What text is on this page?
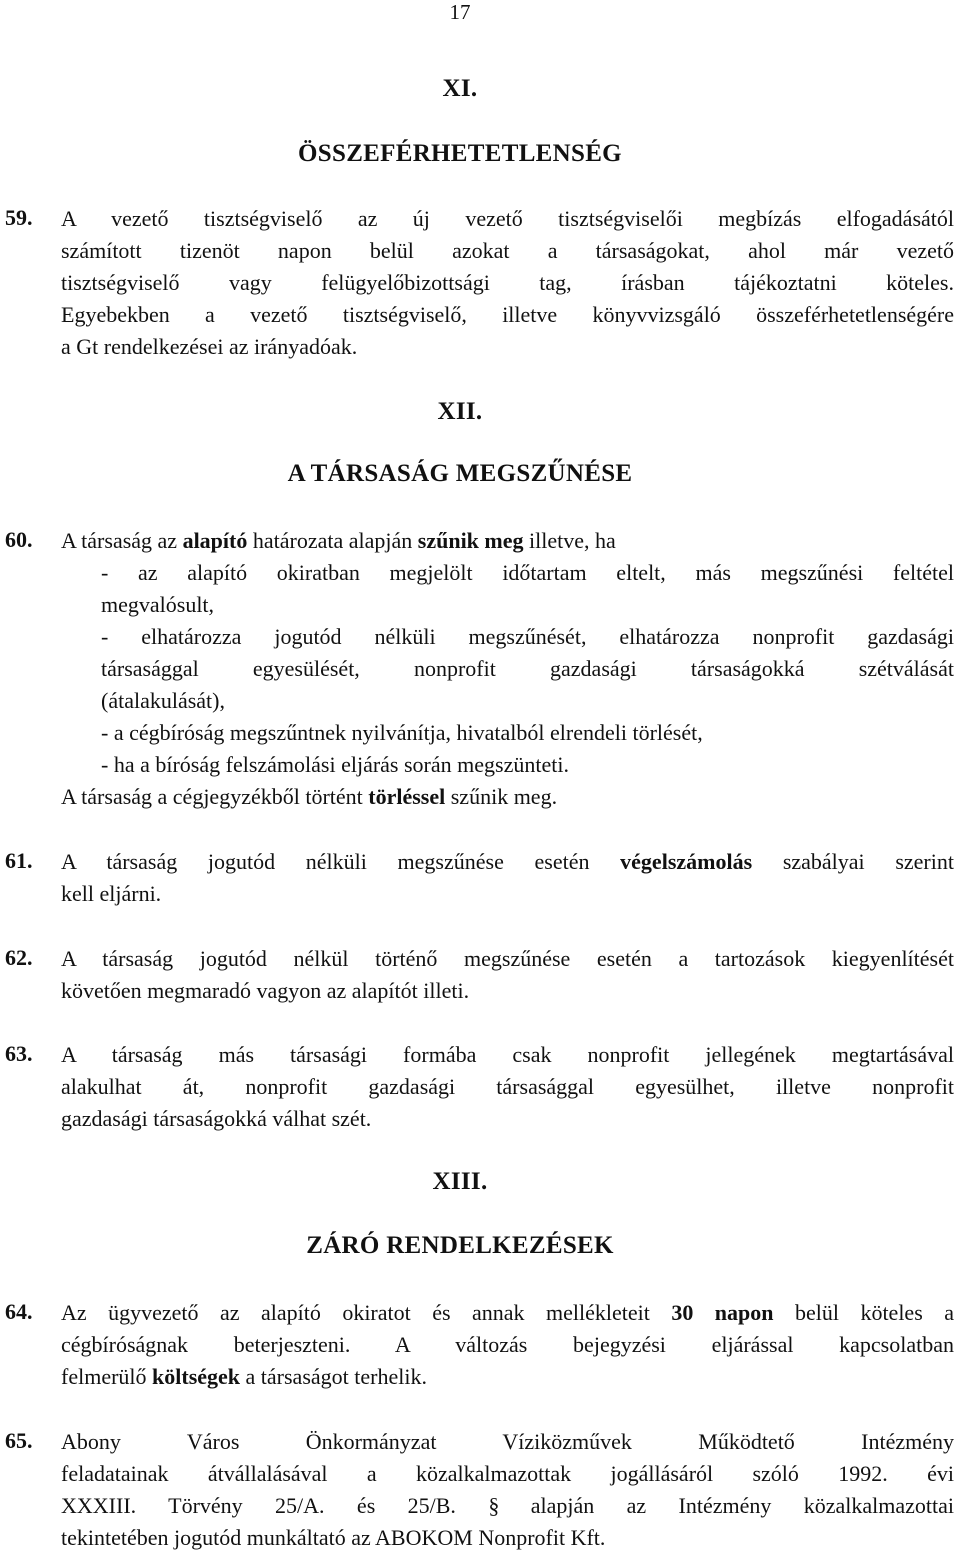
17
XI.
ÖSSZEFÉRHETETLENSÉG
59. A vezető tisztségviselő az új vezető tisztségviselői megbízás elfogadásától
számított tizenöt napon belül azokat a társaságokat, ahol már vezető
tisztségviselő vagy felügyelőbizottsági tag, írásban tájékoztatni köteles.
Egyebekben a vezető tisztségviselő, illetve könyvvizsgáló összeférhetetlenségére
a Gt rendelkezései az irányadóak.
XII.
A TÁRSASÁG MEGSZŰNÉSE
60. A társaság az alapító határozata alapján szűnik meg illetve, ha
- az alapító okiratban megjelölt időtartam eltelt, más megszűnési feltétel
megvalósult,
- elhatározza jogutód nélküli megszűnését, elhatározza nonprofit gazdasági
társasággal egyesülését, nonprofit gazdasági társaságokká szétválását
(átalakulását),
- a cégbíróság megszűntnek nyilvánítja, hivatalból elrendeli törlését,
- ha a bíróság felszámolási eljárás során megszünteti.
A társaság a cégjegyzékből történt törléssel szűnik meg.
61. A társaság jogutód nélküli megszűnése esetén végelszámolás szabályai szerint
kell eljárni.
62. A társaság jogutód nélkül történő megszűnése esetén a tartozások kiegyenlítését
követően megmaradó vagyon az alapítót illeti.
63. A társaság más társasági formába csak nonprofit jellegének megtartásával
alakulhat át, nonprofit gazdasági társasággal egyesülhet, illetve nonprofit
gazdasági társaságokká válhat szét.
XIII.
ZÁRÓ RENDELKEZÉSEK
64. Az ügyvezető az alapító okiratot és annak mellékleteit 30 napon belül köteles a
cégbíróságnak beterjeszteni. A változás bejegyzési eljárással kapcsolatban
felmerülő költségek a társaságot terhelik.
65. Abony Város Önkormányzat Víziközművek Működtető Intézmény
feladatainak átvállalásával a közalkalmazottak jogállásáról szóló 1992. évi
XXXIII. Törvény 25/A. és 25/B. § alapján az Intézmény közalkalmazottai
tekintetében jogutód munkáltató az ABOKOM Nonprofit Kft.
